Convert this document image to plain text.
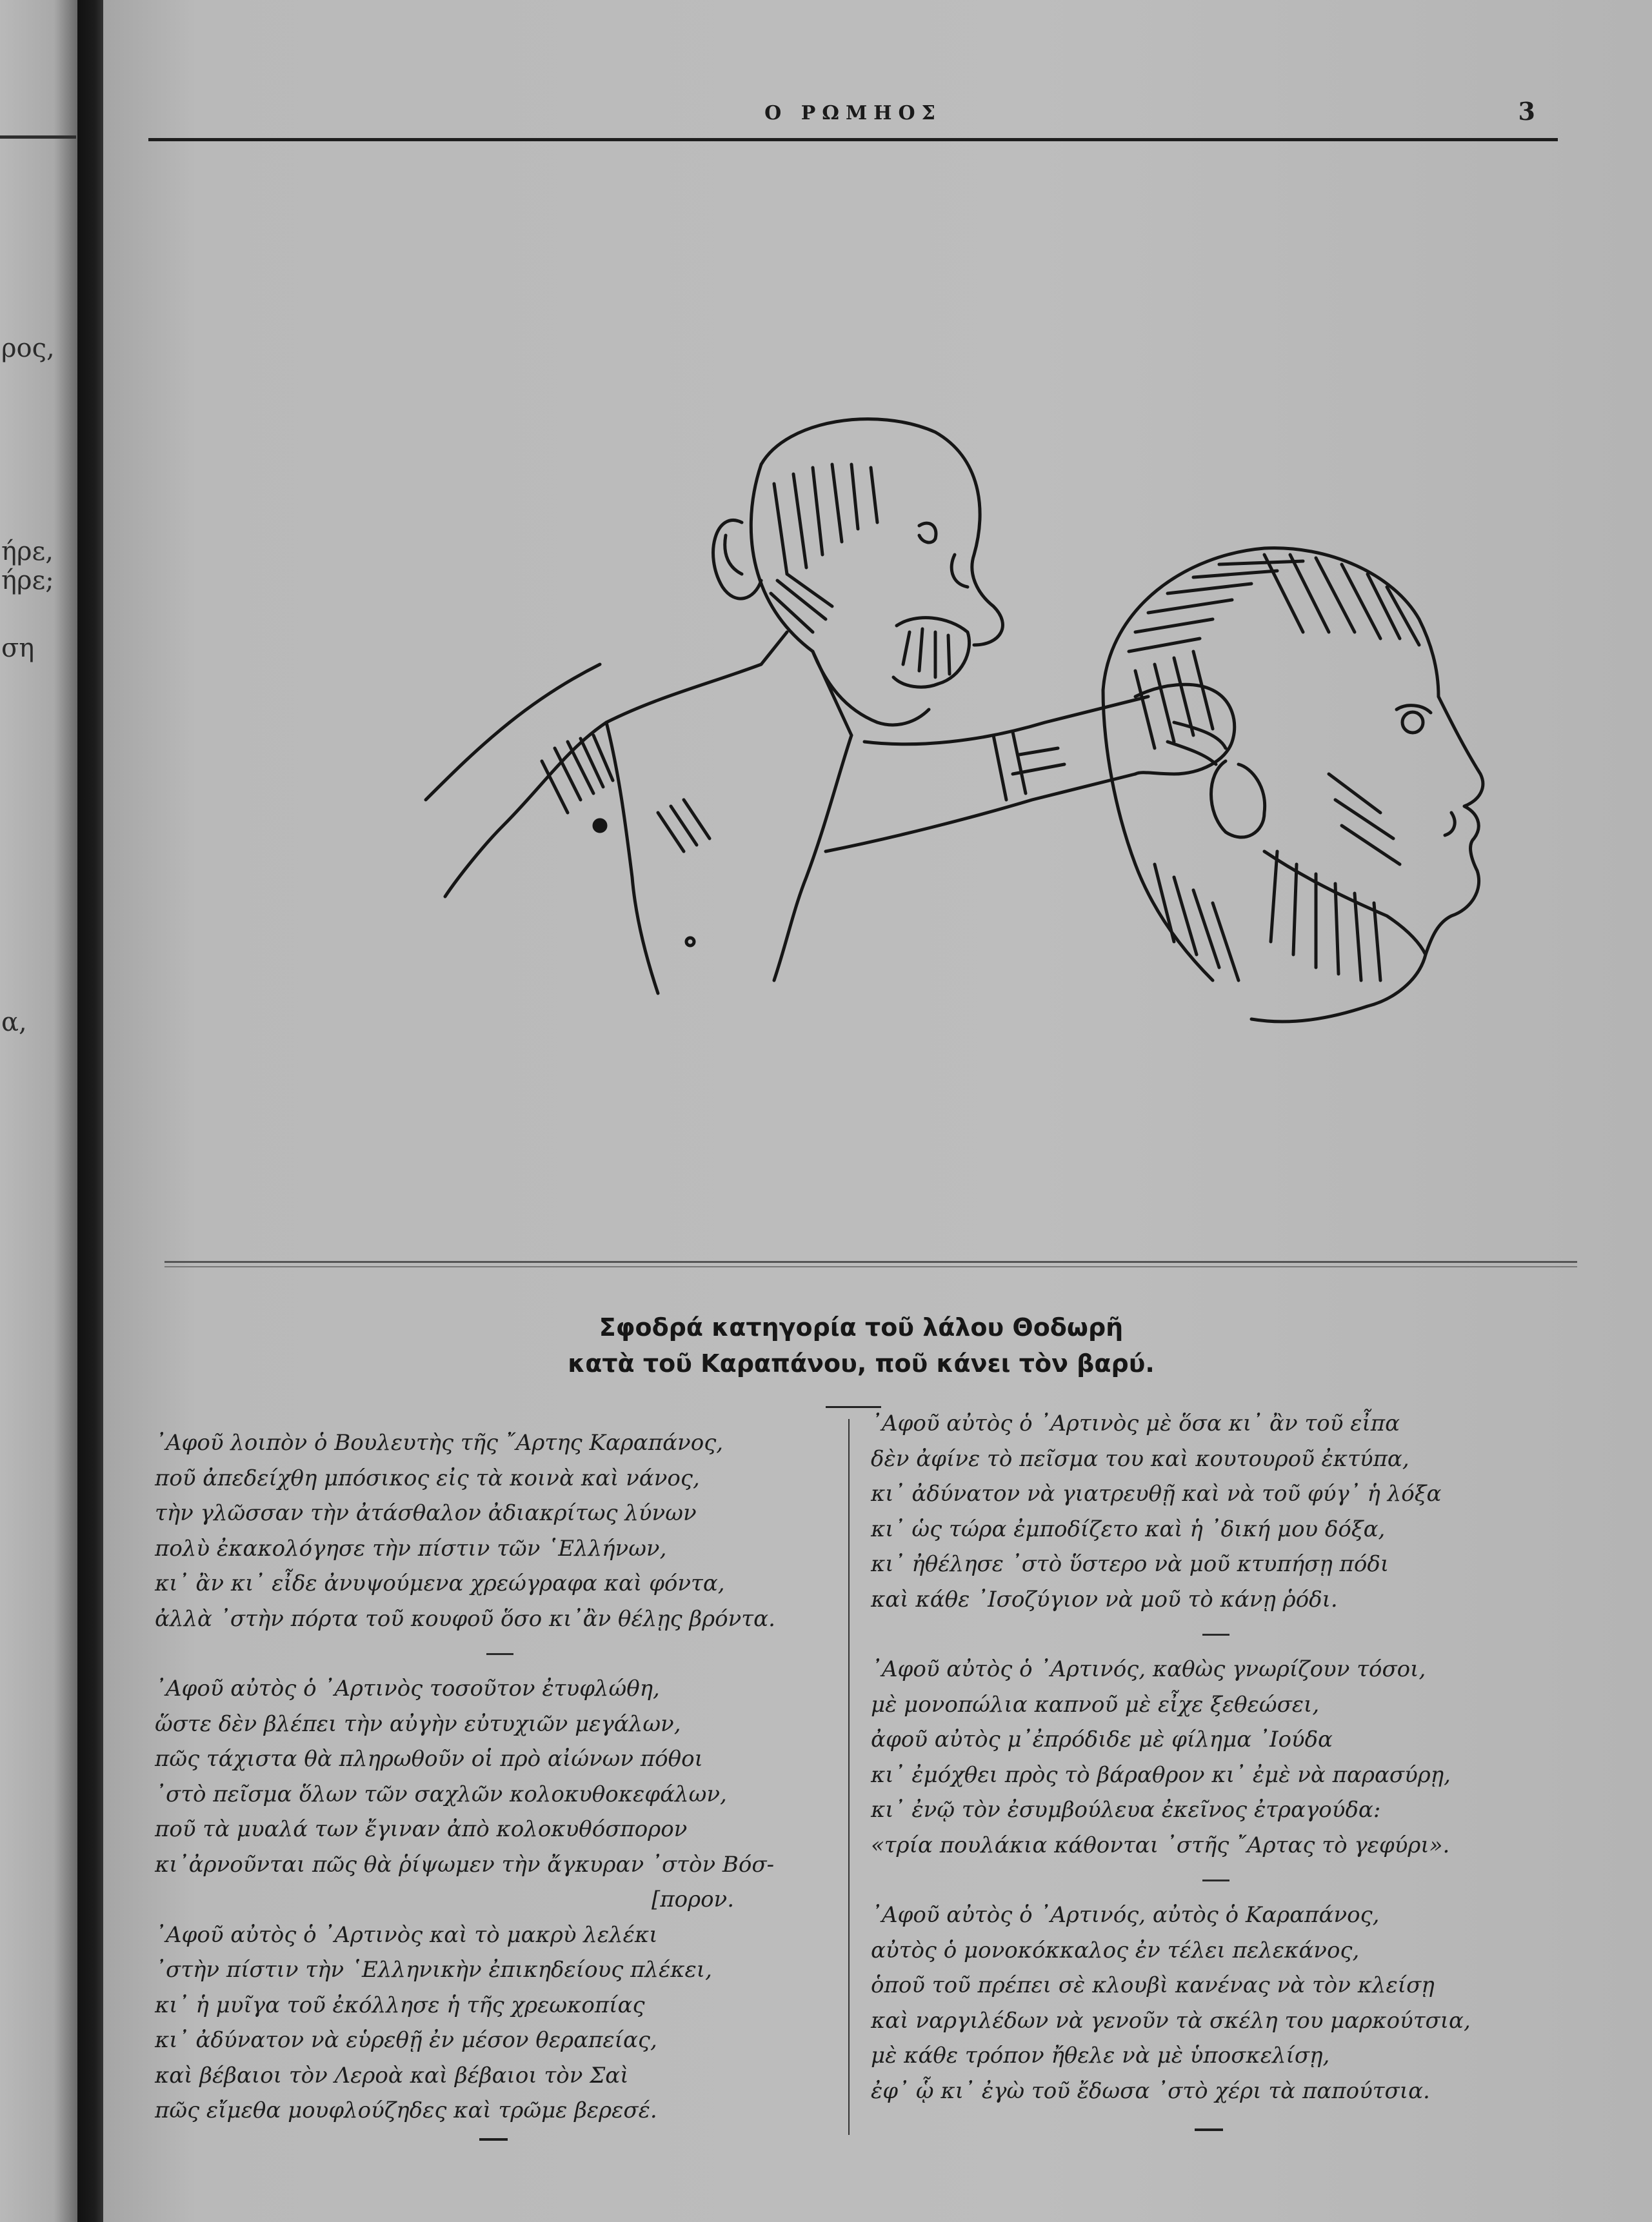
ρος,
ήρε,
ήρε;
ση
α,
Ο ΡΩΜΗΟΣ	3
Σφοδρά κατηγορία τοῦ λάλου Θοδωρῆ
κατὰ τοῦ Καραπάνου, ποῦ κάνει τὸν βαρύ.
᾿Αφοῦ λοιπὸν ὁ Βουλευτὴς τῆς ῎Αρτης Καραπάνος,
ποῦ ἀπεδείχθη μπόσικος εἰς τὰ κοινὰ καὶ νάνος,
τὴν γλῶσσαν τὴν ἀτάσθαλον ἀδιακρίτως λύνων
πολὺ ἐκακολόγησε τὴν πίστιν τῶν ῾Ελλήνων,
κι᾿ ἂν κι᾿ εἶδε ἀνυψούμενα χρεώγραφα καὶ φόντα,
ἀλλὰ ᾿στὴν πόρτα τοῦ κουφοῦ ὅσο κι᾿ἂν θέλῃς βρόντα.
᾿Αφοῦ αὐτὸς ὁ ᾿Αρτινὸς τοσοῦτον ἐτυφλώθη,
ὥστε δὲν βλέπει τὴν αὐγὴν εὐτυχιῶν μεγάλων,
πῶς τάχιστα θὰ πληρωθοῦν οἱ πρὸ αἰώνων πόθοι
᾿στὸ πεῖσμα ὅλων τῶν σαχλῶν κολοκυθοκεφάλων,
ποῦ τὰ μυαλά των ἔγιναν ἀπὸ κολοκυθόσπορον
κι᾿ἀρνοῦνται πῶς θὰ ῥίψωμεν τὴν ἄγκυραν ᾿στὸν Βόσ-
[πορον.
᾿Αφοῦ αὐτὸς ὁ ᾿Αρτινὸς καὶ τὸ μακρὺ λελέκι
᾿στὴν πίστιν τὴν ῾Ελληνικὴν ἐπικηδείους πλέκει,
κι᾿ ἡ μυῖγα τοῦ ἐκόλλησε ἡ τῆς χρεωκοπίας
κι᾿ ἀδύνατον νὰ εὑρεθῇ ἐν μέσον θεραπείας,
καὶ βέβαιοι τὸν Λεροὰ καὶ βέβαιοι τὸν Σαὶ
πῶς εἴμεθα μουφλούζηδες καὶ τρῶμε βερεσέ.
᾿Αφοῦ αὐτὸς ὁ ᾿Αρτινὸς μὲ ὅσα κι᾿ ἂν τοῦ εἶπα
δὲν ἀφίνε τὸ πεῖσμα του καὶ κουτουροῦ ἐκτύπα,
κι᾿ ἀδύνατον νὰ γιατρευθῇ καὶ νὰ τοῦ φύγ᾿ ἡ λόξα
κι᾿ ὡς τώρα ἐμποδίζετο καὶ ἡ ᾿δική μου δόξα,
κι᾿ ἠθέλησε ᾿στὸ ὕστερο νὰ μοῦ κτυπήσῃ πόδι
καὶ κάθε ᾿Ισοζύγιον νὰ μοῦ τὸ κάνῃ ῥόδι.
᾿Αφοῦ αὐτὸς ὁ ᾿Αρτινός, καθὼς γνωρίζουν τόσοι,
μὲ μονοπώλια καπνοῦ μὲ εἶχε ξεθεώσει,
ἀφοῦ αὐτὸς μ᾿ἐπρόδιδε μὲ φίλημα ᾿Ιούδα
κι᾿ ἐμόχθει πρὸς τὸ βάραθρον κι᾿ ἐμὲ νὰ παρασύρῃ,
κι᾿ ἐνῷ τὸν ἐσυμβούλευα ἐκεῖνος ἐτραγούδα:
«τρία πουλάκια κάθονται ᾿στῆς ῎Αρτας τὸ γεφύρι».
᾿Αφοῦ αὐτὸς ὁ ᾿Αρτινός, αὐτὸς ὁ Καραπάνος,
αὐτὸς ὁ μονοκόκκαλος ἐν τέλει πελεκάνος,
ὁποῦ τοῦ πρέπει σὲ κλουβὶ κανένας νὰ τὸν κλείσῃ
καὶ ναργιλέδων νὰ γενοῦν τὰ σκέλη του μαρκούτσια,
μὲ κάθε τρόπον ἤθελε νὰ μὲ ὑποσκελίσῃ,
ἐφ᾿ ᾧ κι᾿ ἐγὼ τοῦ ἔδωσα ᾿στὸ χέρι τὰ παπούτσια.
